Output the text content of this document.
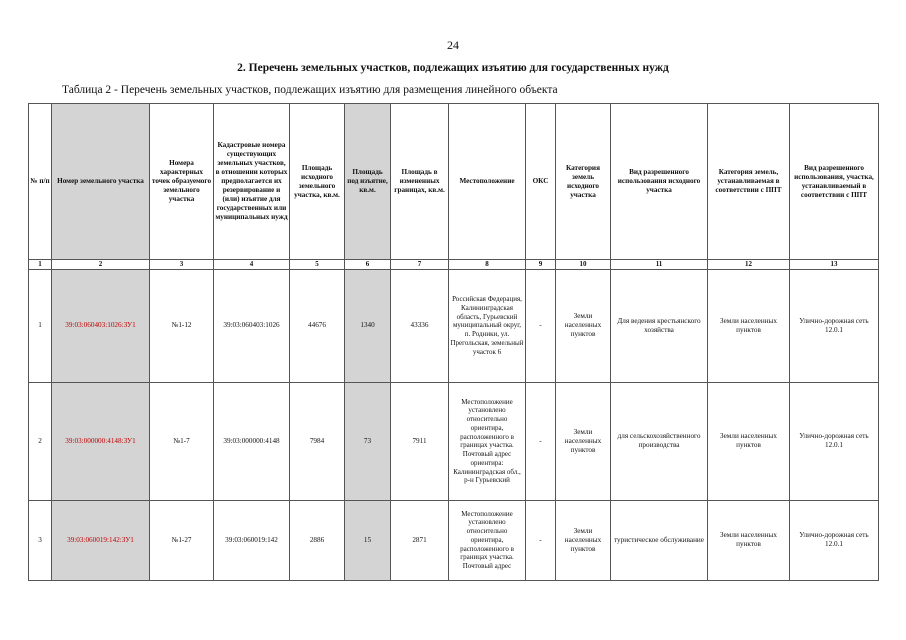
24
2. Перечень земельных участков, подлежащих изъятию для государственных нужд
Таблица 2 - Перечень земельных участков, подлежащих изъятию для размещения линейного объекта
№ п/п	Номер земельного участка	Номера характерных точек образуемого земельного участка	Кадастровые номера существующих земельных участков, в отношении которых предполагается их резервирование и (или) изъятие для государственных или муниципальных нужд	Площадь исходного земельного участка, кв.м.	Площадь под изъятие, кв.м.	Площадь в измененных границах, кв.м.	Местоположение	ОКС	Категория земель исходного участка	Вид разрешенного использования исходного участка	Категория земель, устанавливаемая в соответствии с ППТ	Вид разрешенного использования, участка, устанавливаемый в соответствии с ППТ
1	2	3	4	5	6	7	8	9	10	11	12	13
1	39:03:060403:1026:ЗУ1	№1-12	39:03:060403:1026	44676	1340	43336	Российская Федерация, Калининградская область, Гурьевский муниципальный округ, п. Родники, ул. Прегольская, земельный участок 6	-	Земли населенных пунктов	Для ведения крестьянского хозяйства	Земли населенных пунктов	Улично-дорожная сеть 12.0.1
2	39:03:000000:4148:ЗУ1	№1-7	39:03:000000:4148	7984	73	7911	Местоположение установлено относительно ориентира, расположенного в границах участка. Почтовый адрес ориентира: Калининградская обл., р-н Гурьевский	-	Земли населенных пунктов	для сельскохозяйственного производства	Земли населенных пунктов	Улично-дорожная сеть 12.0.1
3	39:03:060019:142:ЗУ1	№1-27	39:03:060019:142	2886	15	2871	Местоположение установлено относительно ориентира, расположенного в границах участка. Почтовый адрес	-	Земли населенных пунктов	туристическое обслуживание	Земли населенных пунктов	Улично-дорожная сеть 12.0.1
